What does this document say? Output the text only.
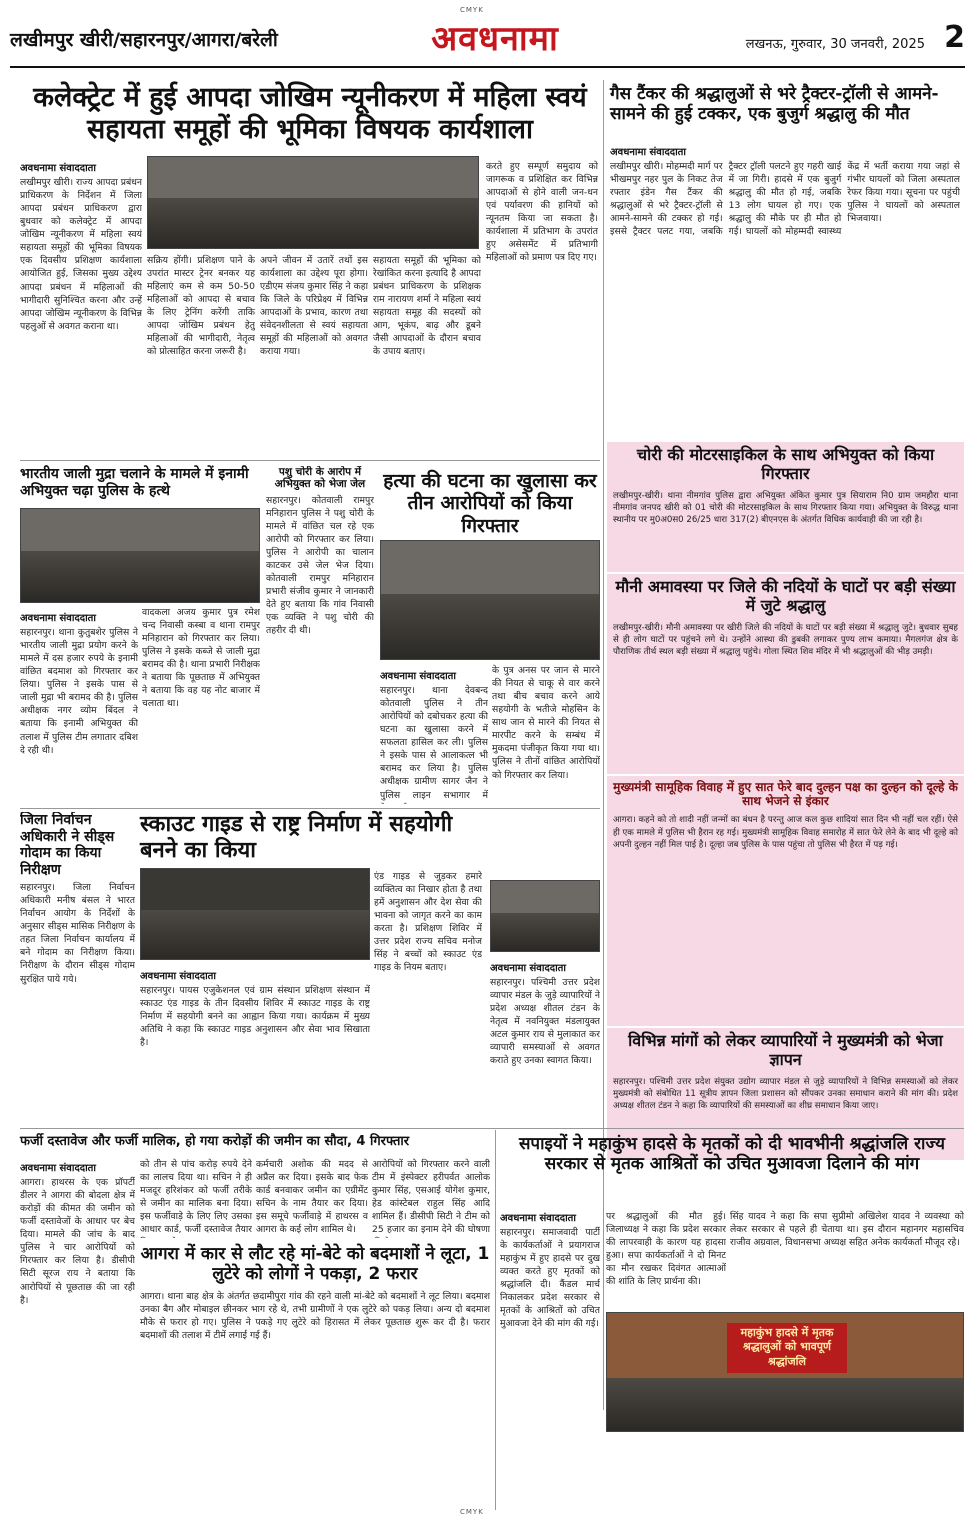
CMYK
लखीमपुर खीरी/सहारनपुर/आगरा/बरेली	अवधनामा	लखनऊ, गुरुवार, 30 जनवरी, 2025 2
कलेक्ट्रेट में हुई आपदा जोखिम न्यूनीकरण में महिला स्वयं सहायता समूहों की भूमिका विषयक कार्यशाला
अवधनामा संवाददाता
लखीमपुर खीरी। राज्य आपदा प्रबंधन प्राधिकरण के निर्देशन में जिला आपदा प्रबंधन प्राधिकरण द्वारा बुधवार को कलेक्ट्रेट में आपदा जोखिम न्यूनीकरण में महिला स्वयं सहायता समूहों की भूमिका विषयक एक दिवसीय प्रशिक्षण कार्यशाला आयोजित हुई, जिसका मुख्य उद्देश्य आपदा प्रबंधन में महिलाओं की भागीदारी सुनिश्चित करना और उन्हें आपदा जोखिम न्यूनीकरण के विभिन्न पहलुओं से अवगत कराना था।
सक्रिय होंगी। प्रशिक्षण पाने के उपरांत मास्टर ट्रेनर बनकर यह महिलाएं कम से कम 50-50 महिलाओं को आपदा से बचाव के लिए ट्रेनिंग करेंगी ताकि आपदा जोखिम प्रबंधन हेतु महिलाओं की भागीदारी, नेतृत्व को प्रोत्साहित करना जरूरी है।
अपने जीवन में उतारें तथों इस कार्यशाला का उद्देश्य पूरा होगा। एडीएम संजय कुमार सिंह ने कहा कि जिले के परिप्रेक्ष्य में विभिन्न आपदाओं के प्रभाव, कारण तथा संवेदनशीलता से स्वयं सहायता समूहों की महिलाओं को अवगत कराया गया।
सहायता समूहों की भूमिका को रेखांकित करना इत्यादि है आपदा प्रबंधन प्राधिकरण के प्रशिक्षक राम नारायण शर्मा ने महिला स्वयं सहायता समूह की सदस्यों को आग, भूकंप, बाढ़ और डूबने जैसी आपदाओं के दौरान बचाव के उपाय बताए।
करते हुए सम्पूर्ण समुदाय को जागरूक व प्रशिक्षित कर विभिन्न आपदाओं से होने वाली जन-धन एवं पर्यावरण की हानियों को न्यूनतम किया जा सकता है। कार्यशाला में प्रतिभाग के उपरांत हुए असेसमेंट में प्रतिभागी महिलाओं को प्रमाण पत्र दिए गए।
गैस टैंकर की श्रद्धालुओं से भरे ट्रैक्टर-ट्रॉली से आमने-सामने की हुई टक्कर, एक बुजुर्ग श्रद्धालु की मौत
अवधनामा संवाददाता
लखीमपुर खीरी। मोहम्मदी मार्ग पर भीखमपुर नहर पुल के निकट तेज रफ्तार इंडेन गैस टैंकर की श्रद्धालुओं से भरे ट्रैक्टर-ट्रॉली से आमने-सामने की टक्कर हो गई। इससे ट्रैक्टर पलट गया, जबकि ट्रैक्टर ट्रॉली पलटने हुए गहरी खाई में जा गिरी। हादसे में एक बुजुर्ग श्रद्धालु की मौत हो गई, जबकि 13 लोग घायल हो गए। एक श्रद्धालु की मौके पर ही मौत हो गई। घायलों को मोहम्मदी स्वास्थ्य केंद्र में भर्ती कराया गया जहां से गंभीर घायलों को जिला अस्पताल रेफर किया गया। सूचना पर पहुंची पुलिस ने घायलों को अस्पताल भिजवाया।
चोरी की मोटरसाइकिल के साथ अभियुक्त को किया गिरफ्तार
लखीमपुर-खीरी। थाना नीमगांव पुलिस द्वारा अभियुक्त अंकित कुमार पुत्र सियाराम नि0 ग्राम जमहौरा थाना नीमगांव जनपद खीरी को 01 चोरी की मोटरसाइकिल के साथ गिरफ्तार किया गया। अभियुक्त के विरुद्ध थाना स्थानीय पर मु0अ0स0 26/25 धारा 317(2) बीएनएस के अंतर्गत विधिक कार्यवाही की जा रही है।
मौनी अमावस्या पर जिले की नदियों के घाटों पर बड़ी संख्या में जुटे श्रद्धालु
लखीमपुर-खीरी। मौनी अमावस्या पर खीरी जिले की नदियों के घाटों पर बड़ी संख्या में श्रद्धालु जुटे। बुधवार सुबह से ही लोग घाटों पर पहुंचने लगे थे। उन्होंने आस्था की डुबकी लगाकर पुण्य लाभ कमाया। मैगलगंज क्षेत्र के पौराणिक तीर्थ स्थल बड़ी संख्या में श्रद्धालु पहुंचे। गोला स्थित शिव मंदिर में भी श्रद्धालुओं की भीड़ उमड़ी।
मुख्यमंत्री सामूहिक विवाह में हुए सात फेरे बाद दुल्हन पक्ष का दुल्हन को दूल्हे के साथ भेजने से इंकार
आगरा। कहने को तो शादी नहीं जन्मों का बंधन है परन्तु आज कल कुछ शादियां सात दिन भी नहीं चल रहीं। ऐसे ही एक मामले में पुलिस भी हैरान रह गई। मुख्यमंत्री सामूहिक विवाह समारोह में सात फेरे लेने के बाद भी दूल्हे को अपनी दुल्हन नहीं मिल पाई है। दूल्हा जब पुलिस के पास पहुंचा तो पुलिस भी हैरत में पड़ गई।
विभिन्न मांगों को लेकर व्यापारियों ने मुख्यमंत्री को भेजा ज्ञापन
सहारनपुर। पश्चिमी उत्तर प्रदेश संयुक्त उद्योग व्यापार मंडल से जुड़े व्यापारियों ने विभिन्न समस्याओं को लेकर मुख्यमंत्री को संबोधित 11 सूत्रीय ज्ञापन जिला प्रशासन को सौंपकर उनका समाधान कराने की मांग की। प्रदेश अध्यक्ष शीतल टंडन ने कहा कि व्यापारियों की समस्याओं का शीघ्र समाधान किया जाए।
भारतीय जाली मुद्रा चलाने के मामले में इनामी अभियुक्त चढ़ा पुलिस के हत्थे
अवधनामा संवाददाता
सहारनपुर। थाना कुतुबशेर पुलिस ने भारतीय जाली मुद्रा प्रयोग करने के मामले में दस हजार रुपये के इनामी वांछित बदमाश को गिरफ्तार कर लिया। पुलिस ने इसके पास से जाली मुद्रा भी बरामद की है। पुलिस अधीक्षक नगर व्योम बिंदल ने बताया कि इनामी अभियुक्त की तलाश में पुलिस टीम लगातार दबिश दे रही थी।
वादकला अजय कुमार पुत्र रमेश चन्द निवासी कस्बा व थाना रामपुर मनिहारान को गिरफ्तार कर लिया। पुलिस ने इसके कब्जे से जाली मुद्रा बरामद की है। थाना प्रभारी निरीक्षक ने बताया कि पूछताछ में अभियुक्त ने बताया कि वह यह नोट बाजार में चलाता था।
पशु चोरी के आरोप में अभियुक्त को भेजा जेल
सहारनपुर। कोतवाली रामपुर मनिहारान पुलिस ने पशु चोरी के मामले में वांछित चल रहे एक आरोपी को गिरफ्तार कर लिया। पुलिस ने आरोपी का चालान काटकर उसे जेल भेज दिया। कोतवाली रामपुर मनिहारान प्रभारी संजीव कुमार ने जानकारी देते हुए बताया कि गांव निवासी एक व्यक्ति ने पशु चोरी की तहरीर दी थी।
हत्या की घटना का खुलासा कर तीन आरोपियों को किया गिरफ्तार
अवधनामा संवाददाता
सहारनपुर। थाना देवबन्द कोतवाली पुलिस ने तीन आरोपियों को दबोचकर हत्या की घटना का खुलासा करने में सफलता हासिल कर ली। पुलिस ने इसके पास से आलाकत्ल भी बरामद कर लिया है। पुलिस अधीक्षक ग्रामीण सागर जैन ने पुलिस लाइन सभागार में
के पुत्र अनस पर जान से मारने की नियत से चाकू से वार करने तथा बीच बचाव करने आये सहयोगी के भतीजे मोहसिन के साथ जान से मारने की नियत से मारपीट करने के सम्बंध में मुकदमा पंजीकृत किया गया था। पुलिस ने तीनों वांछित आरोपियों को गिरफ्तार कर लिया।
जिला निर्वाचन अधिकारी ने सीड्स गोदाम का किया निरीक्षण
सहारनपुर। जिला निर्वाचन अधिकारी मनीष बंसल ने भारत निर्वाचन आयोग के निर्देशों के अनुसार सीड्स मासिक निरीक्षण के तहत जिला निर्वाचन कार्यालय में बने गोदाम का निरीक्षण किया। निरीक्षण के दौरान सीड्स गोदाम सुरक्षित पाये गये।
स्काउट गाइड से राष्ट्र निर्माण में सहयोगी बनने का किया
अवधनामा संवाददाता
सहारनपुर। पायस एजुकेशनल एवं ग्राम संस्थान प्रशिक्षण संस्थान में स्काउट एंड गाइड के तीन दिवसीय शिविर में स्काउट गाइड के राष्ट्र निर्माण में सहयोगी बनने का आह्वान किया गया। कार्यक्रम में मुख्य अतिथि ने कहा कि स्काउट गाइड अनुशासन और सेवा भाव सिखाता है।
एंड गाइड से जुड़कर हमारे व्यक्तित्व का निखार होता है तथा हमें अनुशासन और देश सेवा की भावना को जागृत करने का काम करता है। प्रशिक्षण शिविर में उत्तर प्रदेश राज्य सचिव मनोज सिंह ने बच्चों को स्काउट एंड गाइड के नियम बताए।	अवधनामा संवाददाता
सहारनपुर। पश्चिमी उत्तर प्रदेश व्यापार मंडल के जुड़े व्यापारियों ने प्रदेश अध्यक्ष शीतल टंडन के नेतृत्व में नवनियुक्त मंडलायुक्त अटल कुमार राय से मुलाकात कर व्यापारी समस्याओं से अवगत कराते हुए उनका स्वागत किया।
फर्जी दस्तावेज और फर्जी मालिक, हो गया करोड़ों की जमीन का सौदा, 4 गिरफ्तार
अवधनामा संवाददाता
आगरा। हाथरस के एक प्रॉपर्टी डीलर ने आगरा की बोदला क्षेत्र में करोड़ों की कीमत की जमीन को फर्जी दस्तावेजों के आधार पर बेच दिया। मामले की जांच के बाद पुलिस ने चार आरोपियों को गिरफ्तार कर लिया है। डीसीपी सिटी सूरज राय ने बताया कि आरोपियों से पूछताछ की जा रही है।
को तीन से पांच करोड़ रुपये देने का लालच दिया था। सचिन ने ही मजदूर हरिशंकर को फर्जी तरीके से जमीन का मालिक बना दिया। इस फर्जीवाड़े के लिए लिए उसका आधार कार्ड, फर्जी दस्तावेज तैयार
कर्मचारी अशोक की मदद से अप्रैल कर दिया। इसके बाद फेक कार्ड बनवाकर जमीन का एग्रीमेंट सचिन के नाम तैयार कर दिया। इस समूचे फर्जीवाड़े में हाथरस व आगरा के कई लोग शामिल थे।
आरोपियों को गिरफ्तार करने वाली टीम में इंस्पेक्टर हरीपर्वत आलोक कुमार सिंह, एसआई योगेश कुमार, हेड कांस्टेबल राहुल सिंह आदि शामिल हैं। डीसीपी सिटी ने टीम को 25 हजार का इनाम देने की घोषणा
आगरा में कार से लौट रहे मां-बेटे को बदमाशों ने लूटा, 1 लुटेरे को लोगों ने पकड़ा, 2 फरार
आगरा। थाना बाह क्षेत्र के अंतर्गत छदामीपुरा गांव की रहने वाली मां-बेटे को बदमाशों ने लूट लिया। बदमाश उनका बैग और मोबाइल छीनकर भाग रहे थे, तभी ग्रामीणों ने एक लुटेरे को पकड़ लिया। अन्य दो बदमाश मौके से फरार हो गए। पुलिस ने पकड़े गए लुटेरे को हिरासत में लेकर पूछताछ शुरू कर दी है। फरार बदमाशों की तलाश में टीमें लगाई गई हैं।
सपाइयों ने महाकुंभ हादसे के मृतकों को दी भावभीनी श्रद्धांजलि राज्य सरकार से मृतक आश्रितों को उचित मुआवजा दिलाने की मांग
अवधनामा संवाददाता
सहारनपुर। समाजवादी पार्टी के कार्यकर्ताओं ने प्रयागराज महाकुंभ में हुए हादसे पर दुख व्यक्त करते हुए मृतकों को श्रद्धांजलि दी। कैंडल मार्च निकालकर प्रदेश सरकार से मृतकों के आश्रितों को उचित मुआवजा देने की मांग की गई।
पर श्रद्धालुओं की मौत हुई। जिलाध्यक्ष ने कहा कि प्रदेश सरकार की लापरवाही के कारण यह हादसा हुआ। सपा कार्यकर्ताओं ने दो मिनट का मौन रखकर दिवंगत आत्माओं की शांति के लिए प्रार्थना की।
सिंह यादव ने कहा कि सपा सुप्रीमो अखिलेश यादव ने व्यवस्था को लेकर सरकार से पहले ही चेताया था। इस दौरान महानगर महासचिव राजीव अग्रवाल, विधानसभा अध्यक्ष सहित अनेक कार्यकर्ता मौजूद रहे।
महाकुंभ हादसे में मृतक श्रद्धालुओं को भावपूर्ण श्रद्धांजलि
CMYK
